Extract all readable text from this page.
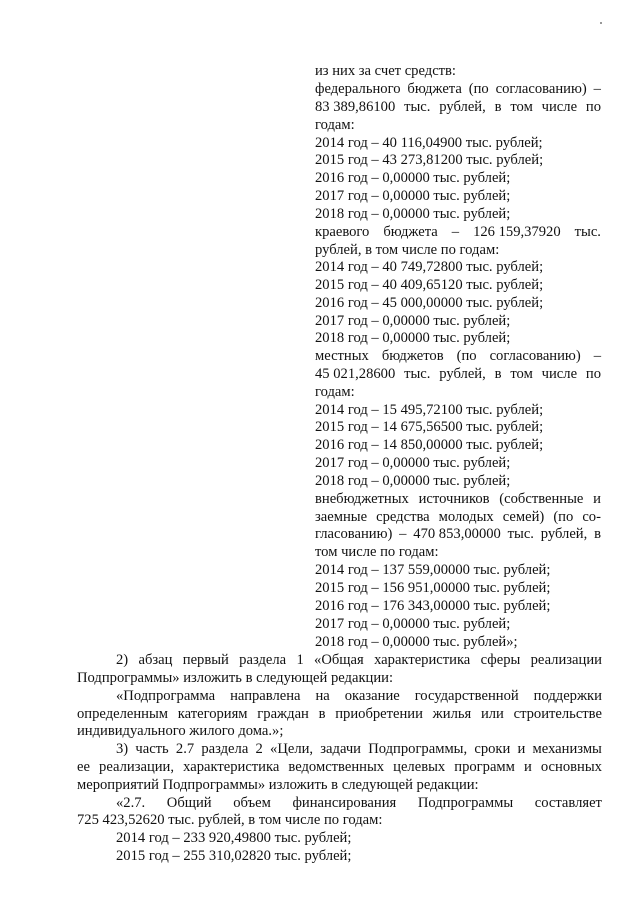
из них за счет средств:
федерального бюджета (по согласованию) –
83 389,86100 тыс. рублей, в том числе по
годам:
2014 год – 40 116,04900 тыс. рублей;
2015 год – 43 273,81200 тыс. рублей;
2016 год – 0,00000 тыс. рублей;
2017 год – 0,00000 тыс. рублей;
2018 год – 0,00000 тыс. рублей;
краевого бюджета – 126 159,37920 тыс.
рублей, в том числе по годам:
2014 год – 40 749,72800 тыс. рублей;
2015 год – 40 409,65120 тыс. рублей;
2016 год – 45 000,00000 тыс. рублей;
2017 год – 0,00000 тыс. рублей;
2018 год – 0,00000 тыс. рублей;
местных бюджетов (по согласованию) –
45 021,28600 тыс. рублей, в том числе по
годам:
2014 год – 15 495,72100 тыс. рублей;
2015 год – 14 675,56500 тыс. рублей;
2016 год – 14 850,00000 тыс. рублей;
2017 год – 0,00000 тыс. рублей;
2018 год – 0,00000 тыс. рублей;
внебюджетных источников (собственные и
заемные средства молодых семей) (по со-
гласованию) – 470 853,00000 тыс. рублей, в
том числе по годам:
2014 год – 137 559,00000 тыс. рублей;
2015 год – 156 951,00000 тыс. рублей;
2016 год – 176 343,00000 тыс. рублей;
2017 год – 0,00000 тыс. рублей;
2018 год – 0,00000 тыс. рублей»;
2) абзац первый раздела 1 «Общая характеристика сферы реализации
Подпрограммы» изложить в следующей редакции:
«Подпрограмма направлена на оказание государственной поддержки
определенным категориям граждан в приобретении жилья или строительстве
индивидуального жилого дома.»;
3) часть 2.7 раздела 2 «Цели, задачи Подпрограммы, сроки и механизмы
ее реализации, характеристика ведомственных целевых программ и основных
мероприятий Подпрограммы» изложить в следующей редакции:
«2.7. Общий объем финансирования Подпрограммы составляет
725 423,52620 тыс. рублей, в том числе по годам:
2014 год – 233 920,49800 тыс. рублей;
2015 год – 255 310,02820 тыс. рублей;
